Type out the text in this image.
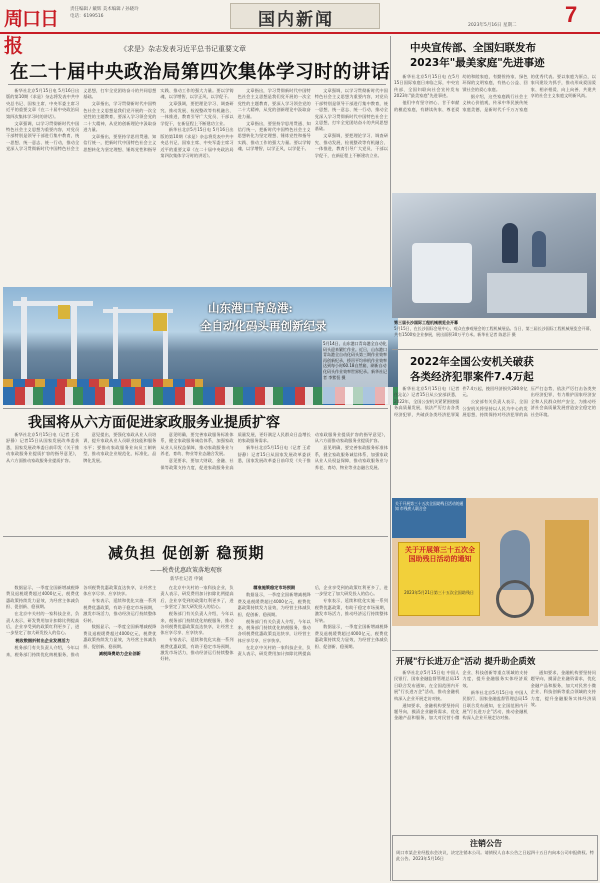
周口日报
责任编辑 / 戴辉 美术编辑 / 孙晓玲
电话：6199516	国内新闻	2023年5月16日 星期二 7
《求是》杂志发表习近平总书记重要文章
在二十届中央政治局第四次集体学习时的讲话

新华社北京5月15日电 5月16日出版的第10期《求是》杂志将发表中共中央总书记、国家主席、中央军委主席习近平的重要文章《在二十届中央政治局第四次集体学习时的讲话》。

文章强调，以学习贯彻新时代中国特色社会主义思想为重要内容，对党员干部特别是领导干部进行集中教育，统一思想、统一意志、统一行动，推动全党深入学习贯彻新时代中国特色社会主义思想，打牢全党团结奋斗的共同思想基础。

文章指出，学习贯彻新时代中国特色社会主义思想是我们党开展的一次全党性的主题教育，要深入学习领会党的二十大精神，从党的创新理论中汲取奋进力量。

文章指出，要坚持学思用贯通、知信行统一，把新时代中国特色社会主义思想转化为坚定理想、锤炼党性和指导实践、推动工作的强大力量。要以学铸魂，以学增智，以学正风，以学促干。

文章强调，要把理论学习、调查研究、推动发展、检视整改等有机融合、一体推进，教育引导广大党员、干部以学促干，在新征程上不断建功立业。

新华社北京5月15日电 5月16日出版的第10期《求是》杂志将发表中共中央总书记、国家主席、中央军委主席习近平的重要文章《在二十届中央政治局第四次集体学习时的讲话》。

文章指出，学习贯彻新时代中国特色社会主义思想是我们党开展的一次全党性的主题教育，要深入学习领会党的二十大精神，从党的创新理论中汲取奋进力量。

文章指出，要坚持学思用贯通、知信行统一，把新时代中国特色社会主义思想转化为坚定理想、锤炼党性和指导实践、推动工作的强大力量。要以学铸魂，以学增智，以学正风，以学促干。

文章强调，以学习贯彻新时代中国特色社会主义思想为重要内容，对党员干部特别是领导干部进行集中教育，统一思想、统一意志、统一行动，推动全党深入学习贯彻新时代中国特色社会主义思想，打牢全党团结奋斗的共同思想基础。

文章强调，要把理论学习、调查研究、推动发展、检视整改等有机融合、一体推进，教育引导广大党员、干部以学促干，在新征程上不断建功立业。

山东港口青岛港:
全自动化码头再创新纪录
5月14日，山东港口青岛港全自动化码头迎来繁忙作业。近日，山东港口青岛港全自动化码头第三期作业效率再创新纪录，桥吊平均单机作业效率达到每小时60.18自然箱，刷新自动化码头作业效率世界纪录。新华社记者 李紫恒 摄
中央宣传部、全国妇联发布
2023年"最美家庭"先进事迹

新华社北京5月15日电 在5月15日国际家庭日来临之际，中央宣传部、全国妇联向社会宣传发布2023年"最美家庭"先进事迹。

他们中有坚守初心、甘于奉献的模范家庭，有耕读传家、尊老爱幼的和睦家庭，有勤俭持家、绿色环保的文明家庭，有热心公益、回馈社会的爱心家庭。

据介绍，这些家庭践行社会主义核心价值观，传承中华民族传统家庭美德，是新时代千千万万家庭的优秀代表。要以家庭为原点，以家风建设为抓手，推动形成爱国爱家、相亲相爱、向上向善、共建共享的社会主义家庭文明新风尚。

第三届长沙国际工程机械展览会开幕
5月15日，在长沙国际会展中心，观众在参观展会的工程机械展品。当日，第三届长沙国际工程机械展览会开幕，共有1500家企业参展，展出面积30万平方米。新华社记者 陈思汗 摄
2022年全国公安机关破获
各类经济犯罪案件7.4万起

新华社北京5月15日电（记者 任沁沁）记者15日从公安部获悉，2022年，全国公安机关紧紧围绕服务高质量发展，依法严厉打击各类经济犯罪，共破获各类经济犯罪案件7.4万起，挽回经济损失280余亿元。

公安部有关负责人表示，全国公安机关将坚持以人民为中心的发展思想，持续保持对经济犯罪的高压严打态势，依法严厉打击各类突出经济犯罪，有力维护国家经济安全和人民群众财产安全，为推动经济社会高质量发展营造安全稳定的社会环境。

我国将从六方面促进家政服务业提质扩容

新华社北京5月15日电（记者 王希 舒静）记者15日从国家发展改革委获悉，国家发展改革委日前印发《关于推动家政服务业提质扩容的指导意见》，从六方面推动家政服务业提质扩容。

意见提出，要强化家政从业人员培训，提升家政从业人员职业技能和服务水平；要推动家政服务业向员工制转型，推动家政企业规范化、标准化、品牌化发展。

意见明确，要完善家政服务标准体系，健全家政服务诚信体系，加强家政从业人员权益保障，推动家政服务业与养老、育幼、物业等业态融合发展。

意见要求，要加大财政、金融、社保等政策支持力度，促进家政服务业高质量发展，更好满足人民群众日益增长的家政服务需求。

新华社北京5月15日电（记者 王希 舒静）记者15日从国家发展改革委获悉，国家发展改革委日前印发《关于推动家政服务业提质扩容的指导意见》，从六方面推动家政服务业提质扩容。

意见明确，要完善家政服务标准体系，健全家政服务诚信体系，加强家政从业人员权益保障，推动家政服务业与养老、育幼、物业等业态融合发展。

减负担 促创新 稳预期
——税费优惠政策落地观察
新华社记者 申铖

数据显示，一季度全国新增减税降费及退税缓费超过4000亿元，税费优惠政策持续发力显效，为经营主体减负担、促创新、稳预期。

在北京中关村的一家科技企业，负责人表示，研发费用加计扣除比例提高后，企业享受到的政策红利更多了，进一步坚定了加大研发投入的信心。

税收数据折射出企业发展活力

税务部门有关负责人介绍，今年以来，税务部门持续优化纳税服务，推动各项税费优惠政策直达快享，让经营主体应享尽享、应享快享。

专家表示，延续和优化实施一系列税费优惠政策，有助于稳定市场预期，激发市场活力，推动经济运行持续整体好转。

数据显示，一季度全国新增减税降费及退税缓费超过4000亿元，税费优惠政策持续发力显效，为经营主体减负担、促创新、稳预期。

减税降费助力企业创新

在北京中关村的一家科技企业，负责人表示，研发费用加计扣除比例提高后，企业享受到的政策红利更多了，进一步坚定了加大研发投入的信心。

税务部门有关负责人介绍，今年以来，税务部门持续优化纳税服务，推动各项税费优惠政策直达快享，让经营主体应享尽享、应享快享。

专家表示，延续和优化实施一系列税费优惠政策，有助于稳定市场预期，激发市场活力，推动经济运行持续整体好转。

精准施策稳定市场预期

数据显示，一季度全国新增减税降费及退税缓费超过4000亿元，税费优惠政策持续发力显效，为经营主体减负担、促创新、稳预期。

税务部门有关负责人介绍，今年以来，税务部门持续优化纳税服务，推动各项税费优惠政策直达快享，让经营主体应享尽享、应享快享。

在北京中关村的一家科技企业，负责人表示，研发费用加计扣除比例提高后，企业享受到的政策红利更多了，进一步坚定了加大研发投入的信心。

专家表示，延续和优化实施一系列税费优惠政策，有助于稳定市场预期，激发市场活力，推动经济运行持续整体好转。

数据显示，一季度全国新增减税降费及退税缓费超过4000亿元，税费优惠政策持续发力显效，为经营主体减负担、促创新、稳预期。

关于开展第三十五次全国助残日活动的通知 市残疾人联合会
关于开展第三十五次全国助残日活动的通知
2023年5月21日第三十五次全国助残日
开展"行长进万企"活动 提升助企质效

新华社北京5月15日电 中国人民银行、国家金融监督管理总局15日联合发布通知，在全国范围内开展"行长进万企"活动，推动金融机构深入企业开展走访对接。

通知要求，金融机构要坚持问题导向，摸清企业融资需求，优化金融产品和服务，加大对民营小微企业、科技创新等重点领域的支持力度，提升金融服务实体经济质效。

新华社北京5月15日电 中国人民银行、国家金融监督管理总局15日联合发布通知，在全国范围内开展"行长进万企"活动，推动金融机构深入企业开展走访对接。

通知要求，金融机构要坚持问题导向，摸清企业融资需求，优化金融产品和服务，加大对民营小微企业、科技创新等重点领域的支持力度，提升金融服务实体经济质效。

注销公告
周口市某企业经股东会决议，决定注销本公司。请债权人自本公告之日起四十五日内向本公司申报债权。特此公告。2023年5月16日
